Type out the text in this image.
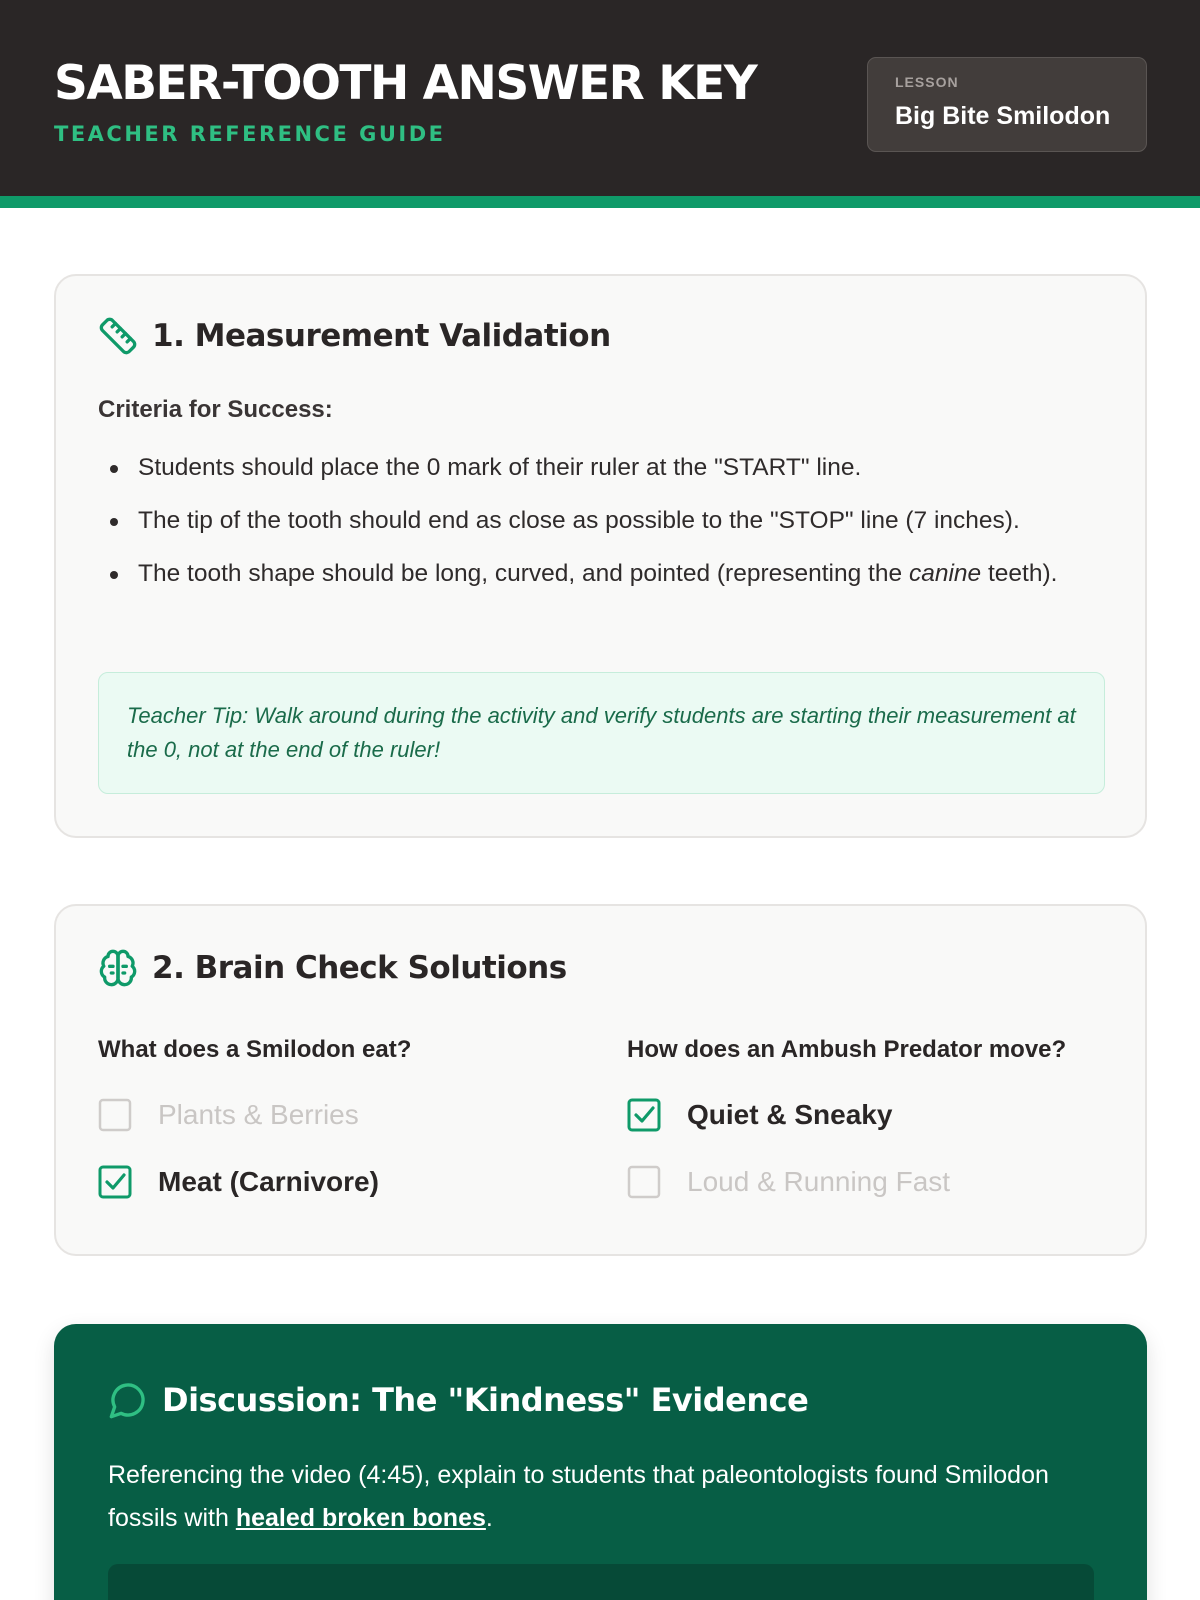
SABER-TOOTH ANSWER KEY
TEACHER REFERENCE GUIDE
LESSON
Big Bite Smilodon
1. Measurement Validation
Criteria for Success:
Students should place the 0 mark of their ruler at the "START" line.
The tip of the tooth should end as close as possible to the "STOP" line (7 inches).
The tooth shape should be long, curved, and pointed (representing the canine teeth).
Teacher Tip: Walk around during the activity and verify students are starting their measurement at the 0, not at the end of the ruler!
2. Brain Check Solutions
What does a Smilodon eat?
Plants & Berries
Meat (Carnivore)
How does an Ambush Predator move?
Quiet & Sneaky
Loud & Running Fast
Discussion: The "Kindness" Evidence
Referencing the video (4:45), explain to students that paleontologists found Smilodon fossils with healed broken bones.
